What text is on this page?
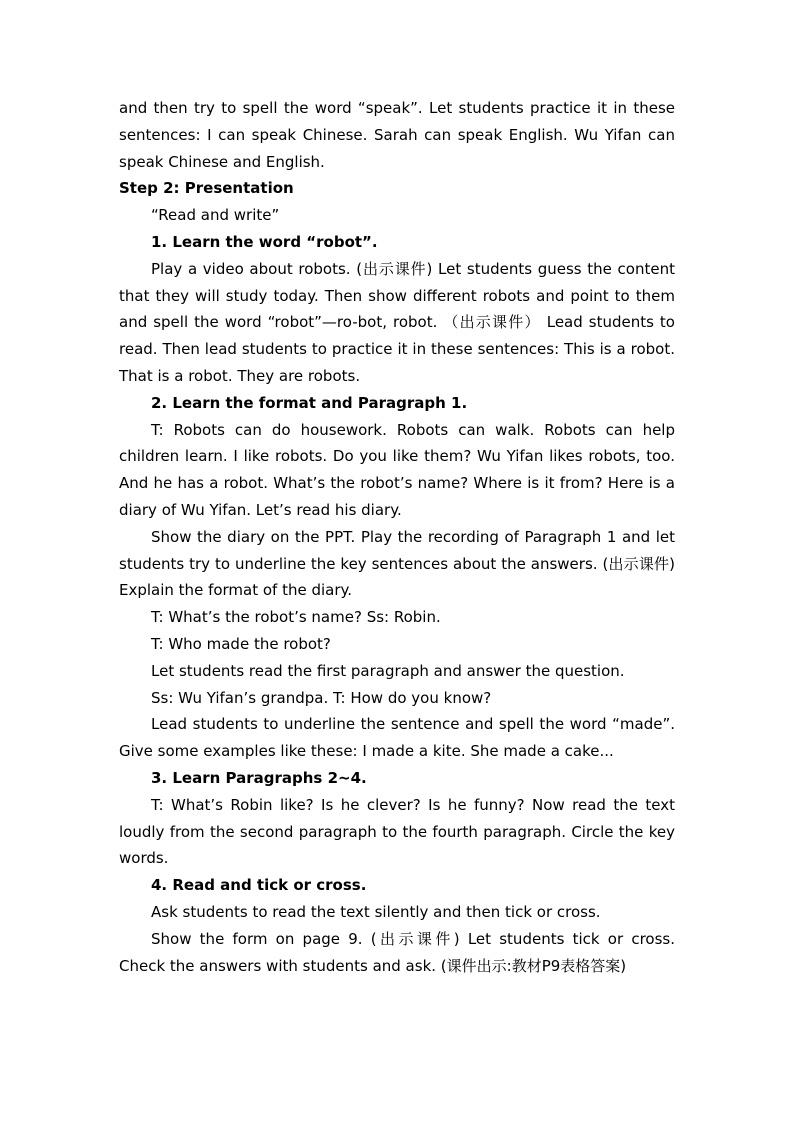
and then try to spell the word “speak”. Let students practice it in these
sentences: I can speak Chinese. Sarah can speak English. Wu Yifan can
speak Chinese and English.
Step 2: Presentation
“Read and write”
1. Learn the word “robot”.
Play a video about robots. (出示课件) Let students guess the content
that they will study today. Then show different robots and point to them
and spell the word “robot”—ro-bot, robot. （出示课件） Lead students to
read. Then lead students to practice it in these sentences: This is a robot.
That is a robot. They are robots.
2. Learn the format and Paragraph 1.
T: Robots can do housework. Robots can walk. Robots can help
children learn. I like robots. Do you like them? Wu Yifan likes robots, too.
And he has a robot. What’s the robot’s name? Where is it from? Here is a
diary of Wu Yifan. Let’s read his diary.
Show the diary on the PPT. Play the recording of Paragraph 1 and let
students try to underline the key sentences about the answers. (出示课件)
Explain the format of the diary.
T: What’s the robot’s name? Ss: Robin.
T: Who made the robot?
Let students read the first paragraph and answer the question.
Ss: Wu Yifan’s grandpa. T: How do you know?
Lead students to underline the sentence and spell the word “made”.
Give some examples like these: I made a kite. She made a cake...
3. Learn Paragraphs 2~4.
T: What’s Robin like? Is he clever? Is he funny? Now read the text
loudly from the second paragraph to the fourth paragraph. Circle the key
words.
4. Read and tick or cross.
Ask students to read the text silently and then tick or cross.
Show the form on page 9. (出示课件) Let students tick or cross.
Check the answers with students and ask. (课件出示:教材P9表格答案)
